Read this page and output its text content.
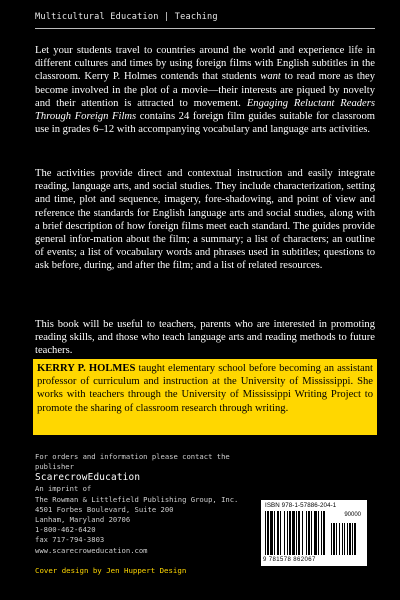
Multicultural Education | Teaching

Let your students travel to countries around the world and experience life in different cultures and times by using foreign films with English subtitles in the classroom. Kerry P. Holmes contends that students want to read more as they become involved in the plot of a movie—their interests are piqued by novelty and their attention is attracted to movement. Engaging Reluctant Readers Through Foreign Films contains 24 foreign film guides suitable for classroom use in grades 6–12 with accompanying vocabulary and language arts activities.

The activities provide direct and contextual instruction and easily integrate reading, language arts, and social studies. They include characterization, setting and time, plot and sequence, imagery, fore-shadowing, and point of view and reference the standards for English language arts and social studies, along with a brief description of how foreign films meet each standard. The guides provide general infor-mation about the film; a summary; a list of characters; an outline of events; a list of vocabulary words and phrases used in subtitles; questions to ask before, during, and after the film; and a list of related resources.

This book will be useful to teachers, parents who are interested in promoting reading skills, and those who teach language arts and reading methods to future teachers.

KERRY P. HOLMES taught elementary school before becoming an assistant professor of curriculum and instruction at the University of Mississippi. She works with teachers through the University of Mississippi Writing Project to promote the sharing of classroom research through writing.
For orders and information please contact the publisher
ScarecrowEducation
An imprint of
The Rowman & Littlefield Publishing Group, Inc.
4501 Forbes Boulevard, Suite 200
Lanham, Maryland 20706
1-800-462-6420
fax 717-794-3803
www.scarecroweducation.com
Cover design by Jen Huppert Design
ISBN 978-1-57886-204-1
90000
9 781578 862067
